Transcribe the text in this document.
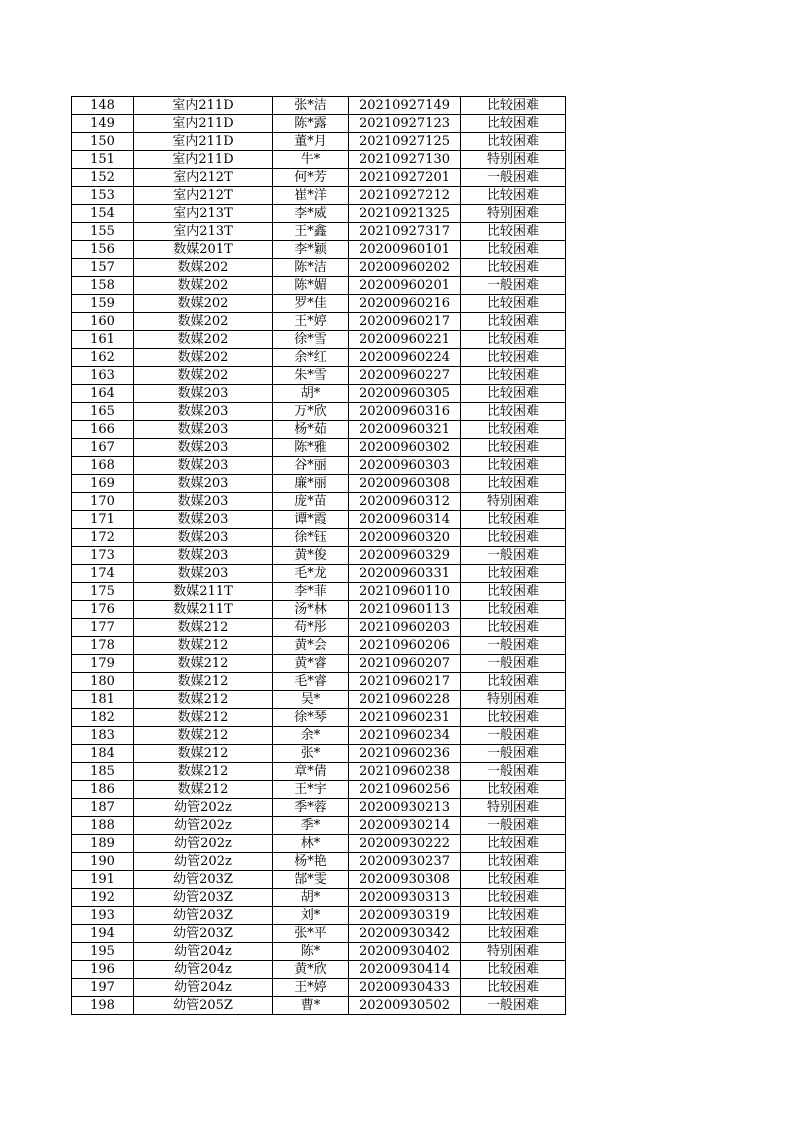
148	室内211D	张*洁	20210927149	比较困难
149	室内211D	陈*露	20210927123	比较困难
150	室内211D	董*月	20210927125	比较困难
151	室内211D	牛*	20210927130	特别困难
152	室内212T	何*芳	20210927201	一般困难
153	室内212T	崔*洋	20210927212	比较困难
154	室内213T	李*威	20210921325	特别困难
155	室内213T	王*鑫	20210927317	比较困难
156	数媒201T	李*颖	20200960101	比较困难
157	数媒202	陈*洁	20200960202	比较困难
158	数媒202	陈*媚	20200960201	一般困难
159	数媒202	罗*佳	20200960216	比较困难
160	数媒202	王*婷	20200960217	比较困难
161	数媒202	徐*雪	20200960221	比较困难
162	数媒202	余*红	20200960224	比较困难
163	数媒202	朱*雪	20200960227	比较困难
164	数媒203	胡*	20200960305	比较困难
165	数媒203	万*欣	20200960316	比较困难
166	数媒203	杨*茹	20200960321	比较困难
167	数媒203	陈*雅	20200960302	比较困难
168	数媒203	谷*丽	20200960303	比较困难
169	数媒203	廉*丽	20200960308	比较困难
170	数媒203	庞*苗	20200960312	特别困难
171	数媒203	谭*霞	20200960314	比较困难
172	数媒203	徐*钰	20200960320	比较困难
173	数媒203	黄*俊	20200960329	一般困难
174	数媒203	毛*龙	20200960331	比较困难
175	数媒211T	李*菲	20210960110	比较困难
176	数媒211T	汤*林	20210960113	比较困难
177	数媒212	苟*彤	20210960203	比较困难
178	数媒212	黄*会	20210960206	一般困难
179	数媒212	黄*睿	20210960207	一般困难
180	数媒212	毛*睿	20210960217	比较困难
181	数媒212	吴*	20210960228	特别困难
182	数媒212	徐*琴	20210960231	比较困难
183	数媒212	余*	20210960234	一般困难
184	数媒212	张*	20210960236	一般困难
185	数媒212	章*倩	20210960238	一般困难
186	数媒212	王*宇	20210960256	比较困难
187	幼管202z	季*蓉	20200930213	特别困难
188	幼管202z	季*	20200930214	一般困难
189	幼管202z	林*	20200930222	比较困难
190	幼管202z	杨*艳	20200930237	比较困难
191	幼管203Z	郜*雯	20200930308	比较困难
192	幼管203Z	胡*	20200930313	比较困难
193	幼管203Z	刘*	20200930319	比较困难
194	幼管203Z	张*平	20200930342	比较困难
195	幼管204z	陈*	20200930402	特别困难
196	幼管204z	黄*欣	20200930414	比较困难
197	幼管204z	王*婷	20200930433	比较困难
198	幼管205Z	曹*	20200930502	一般困难
